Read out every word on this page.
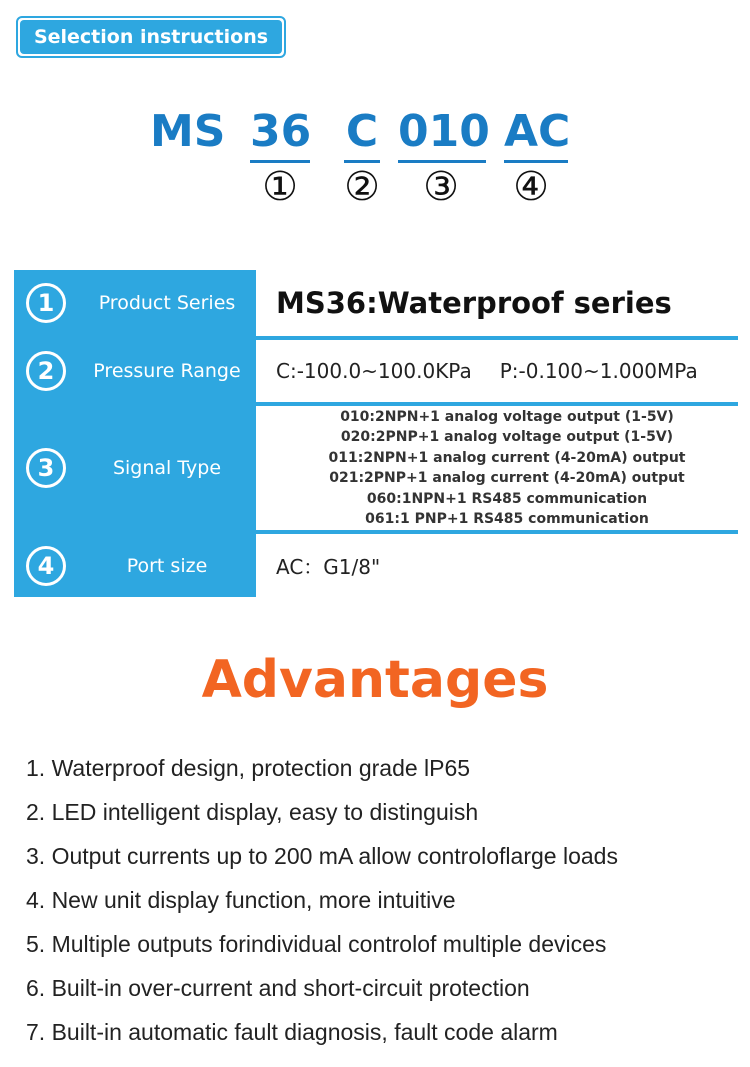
Selection instructions
MS 36 C 010 AC
① ② ③ ④
1	Product Series	MS36:Waterproof series
2	Pressure Range	C:-100.0~100.0KPa P:-0.100~1.000MPa
3	Signal Type
010:2NPN+1 analog voltage output (1-5V)
020:2PNP+1 analog voltage output (1-5V)
011:2NPN+1 analog current (4-20mA) output
021:2PNP+1 analog current (4-20mA) output
060:1NPN+1 RS485 communication
061:1 PNP+1 RS485 communication
4	Port size	AC：G1/8"
Advantages
1. Waterproof design, protection grade lP65
2. LED intelligent display, easy to distinguish
3. Output currents up to 200 mA allow controloflarge loads
4. New unit display function, more intuitive
5. Multiple outputs forindividual controlof multiple devices
6. Built-in over-current and short-circuit protection
7. Built-in automatic fault diagnosis, fault code alarm
